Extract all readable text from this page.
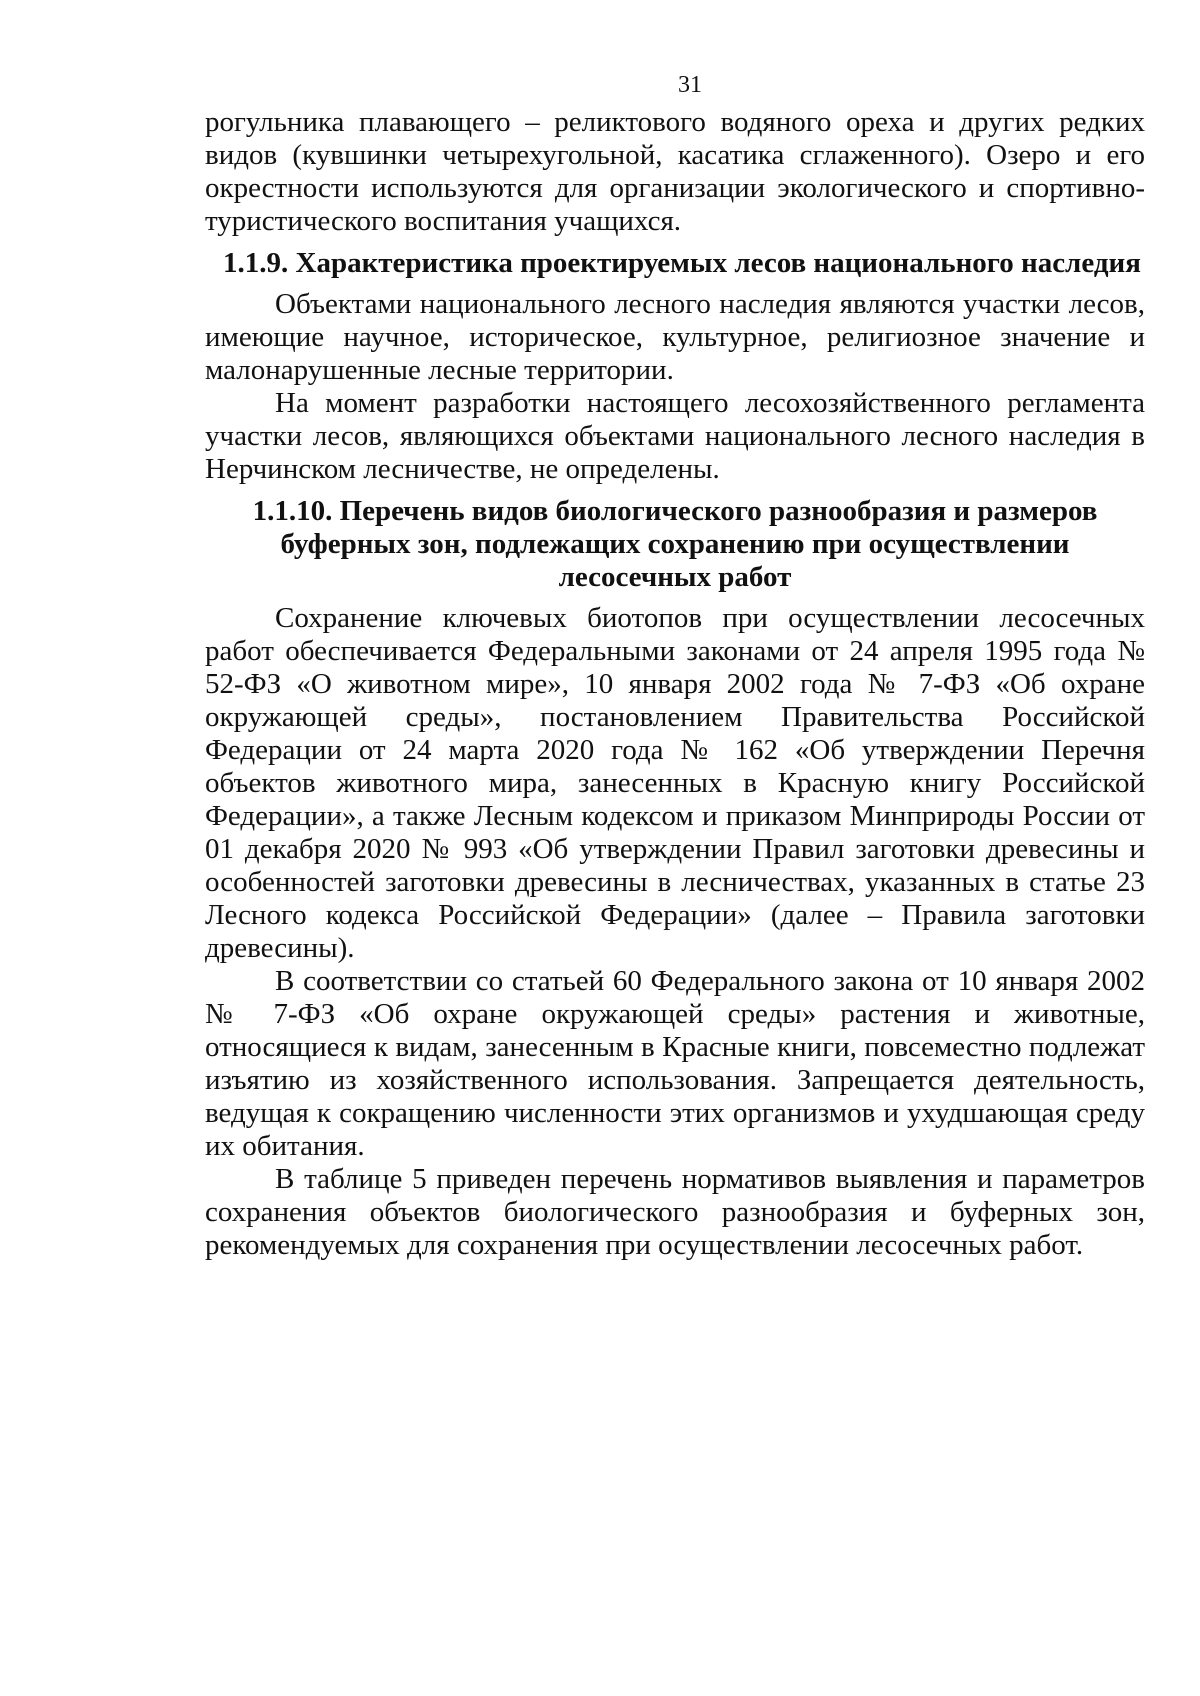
31

рогульника плавающего – реликтового водяного ореха и других редких видов (кувшинки четырехугольной, касатика сглаженного). Озеро и его окрестности используются для организации экологического и спортивно-туристического воспитания учащихся.

1.1.9. Характеристика проектируемых лесов национального наследия

Объектами национального лесного наследия являются участки лесов, имеющие научное, историческое, культурное, религиозное значение и малонарушенные лесные территории.

На момент разработки настоящего лесохозяйственного регламента участки лесов, являющихся объектами национального лесного наследия в Нерчинском лесничестве, не определены.

1.1.10. Перечень видов биологического разнообразия и размеров буферных зон, подлежащих сохранению при осуществлении лесосечных работ

Сохранение ключевых биотопов при осуществлении лесосечных работ обеспечивается Федеральными законами от 24 апреля 1995 года № 52-ФЗ «О животном мире», 10 января 2002 года № 7-ФЗ «Об охране окружающей среды», постановлением Правительства Российской Федерации от 24 марта 2020 года № 162 «Об утверждении Перечня объектов животного мира, занесенных в Красную книгу Российской Федерации», а также Лесным кодексом и приказом Минприроды России от 01 декабря 2020 № 993 «Об утверждении Правил заготовки древесины и особенностей заготовки древесины в лесничествах, указанных в статье 23 Лесного кодекса Российской Федерации» (далее – Правила заготовки древесины).

В соответствии со статьей 60 Федерального закона от 10 января 2002 № 7-ФЗ «Об охране окружающей среды» растения и животные, относящиеся к видам, занесенным в Красные книги, повсеместно подлежат изъятию из хозяйственного использования. Запрещается деятельность, ведущая к сокращению численности этих организмов и ухудшающая среду их обитания.

В таблице 5 приведен перечень нормативов выявления и параметров сохранения объектов биологического разнообразия и буферных зон, рекомендуемых для сохранения при осуществлении лесосечных работ.
